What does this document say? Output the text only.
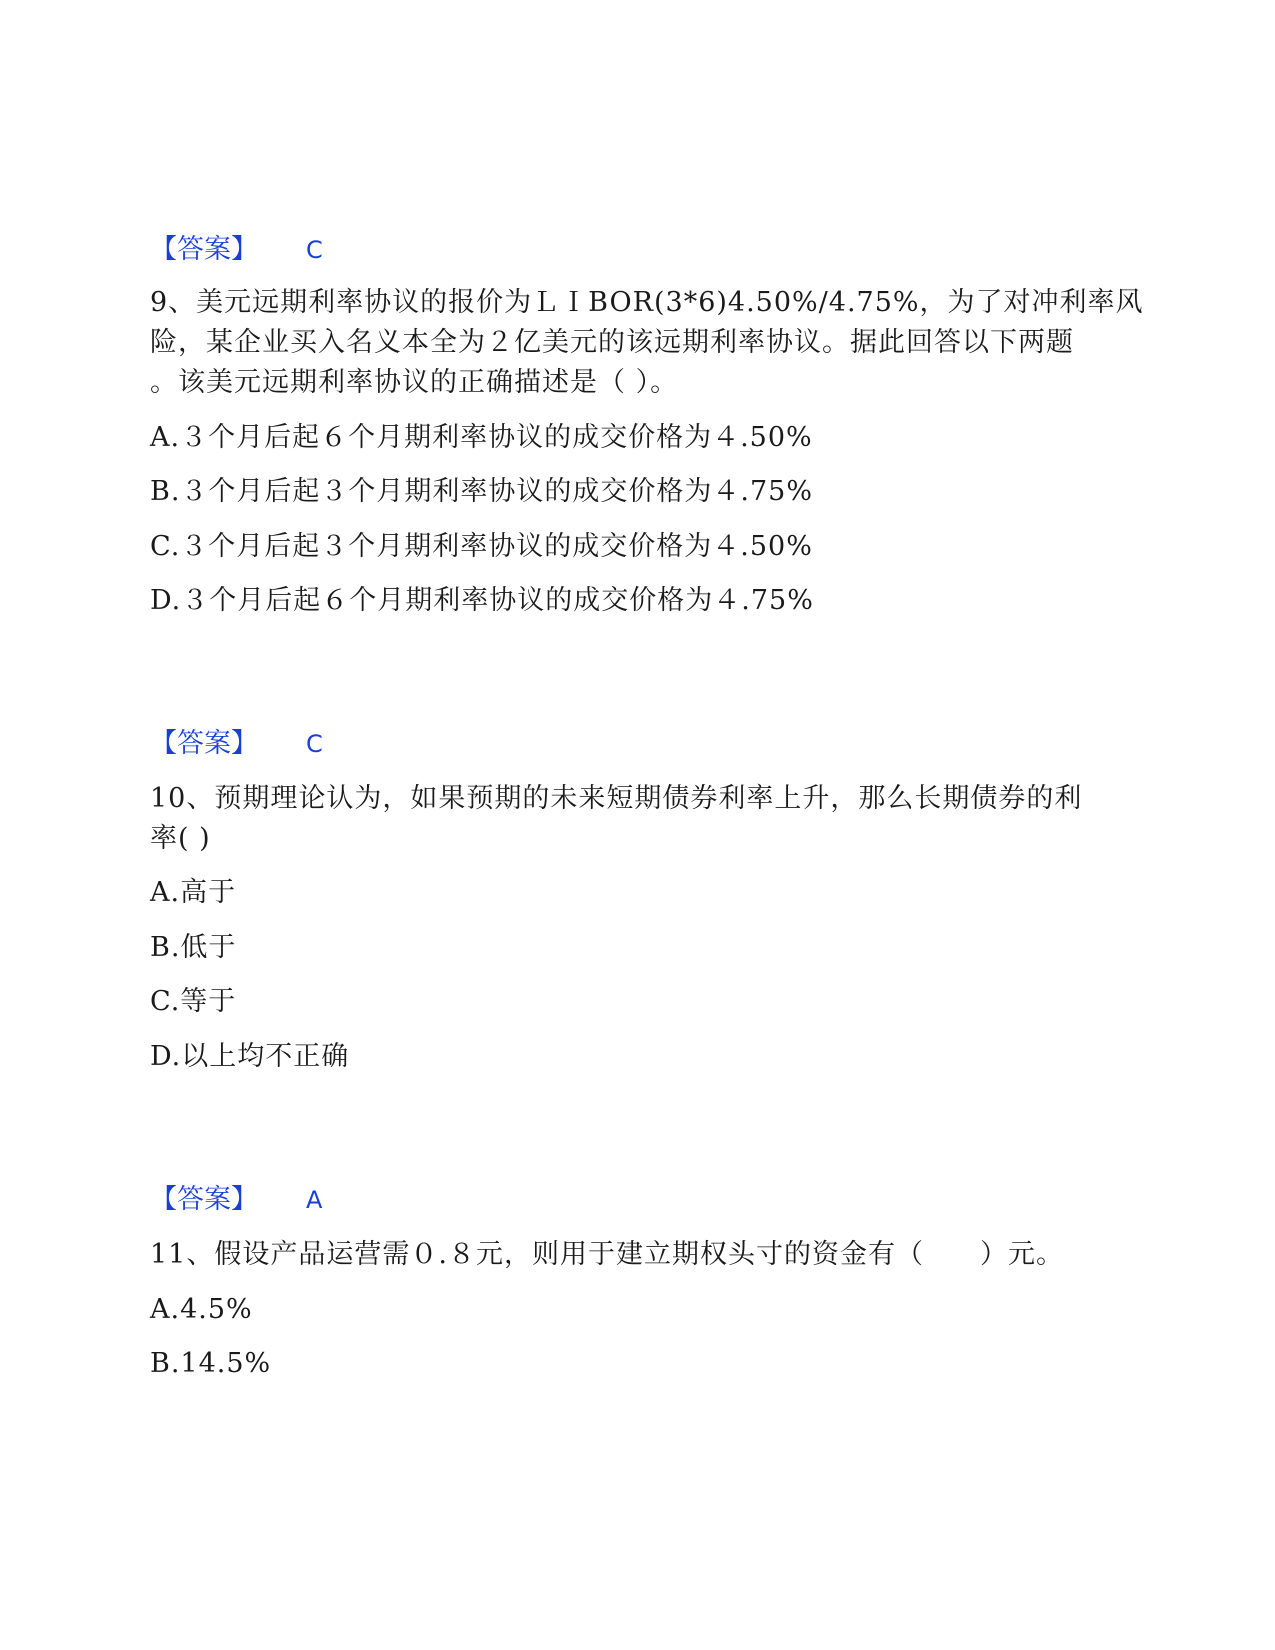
【答案】 C
9、美元远期利率协议的报价为ＬＩBOR(3*6)4.50%/4.75%，为了对冲利率风
险，某企业买入名义本全为２亿美元的该远期利率协议。据此回答以下两题
。该美元远期利率协议的正确描述是（ ）。
A.３个月后起６个月期利率协议的成交价格为４.50%
B.３个月后起３个月期利率协议的成交价格为４.75%
C.３个月后起３个月期利率协议的成交价格为４.50%
D.３个月后起６个月期利率协议的成交价格为４.75%
【答案】 C
10、预期理论认为，如果预期的未来短期债券利率上升，那么长期债券的利
率( )
A.高于
B.低于
C.等于
D.以上均不正确
【答案】 A
11、假设产品运营需０.８元，则用于建立期权头寸的资金有（　　）元。
A.4.5%
B.14.5%
